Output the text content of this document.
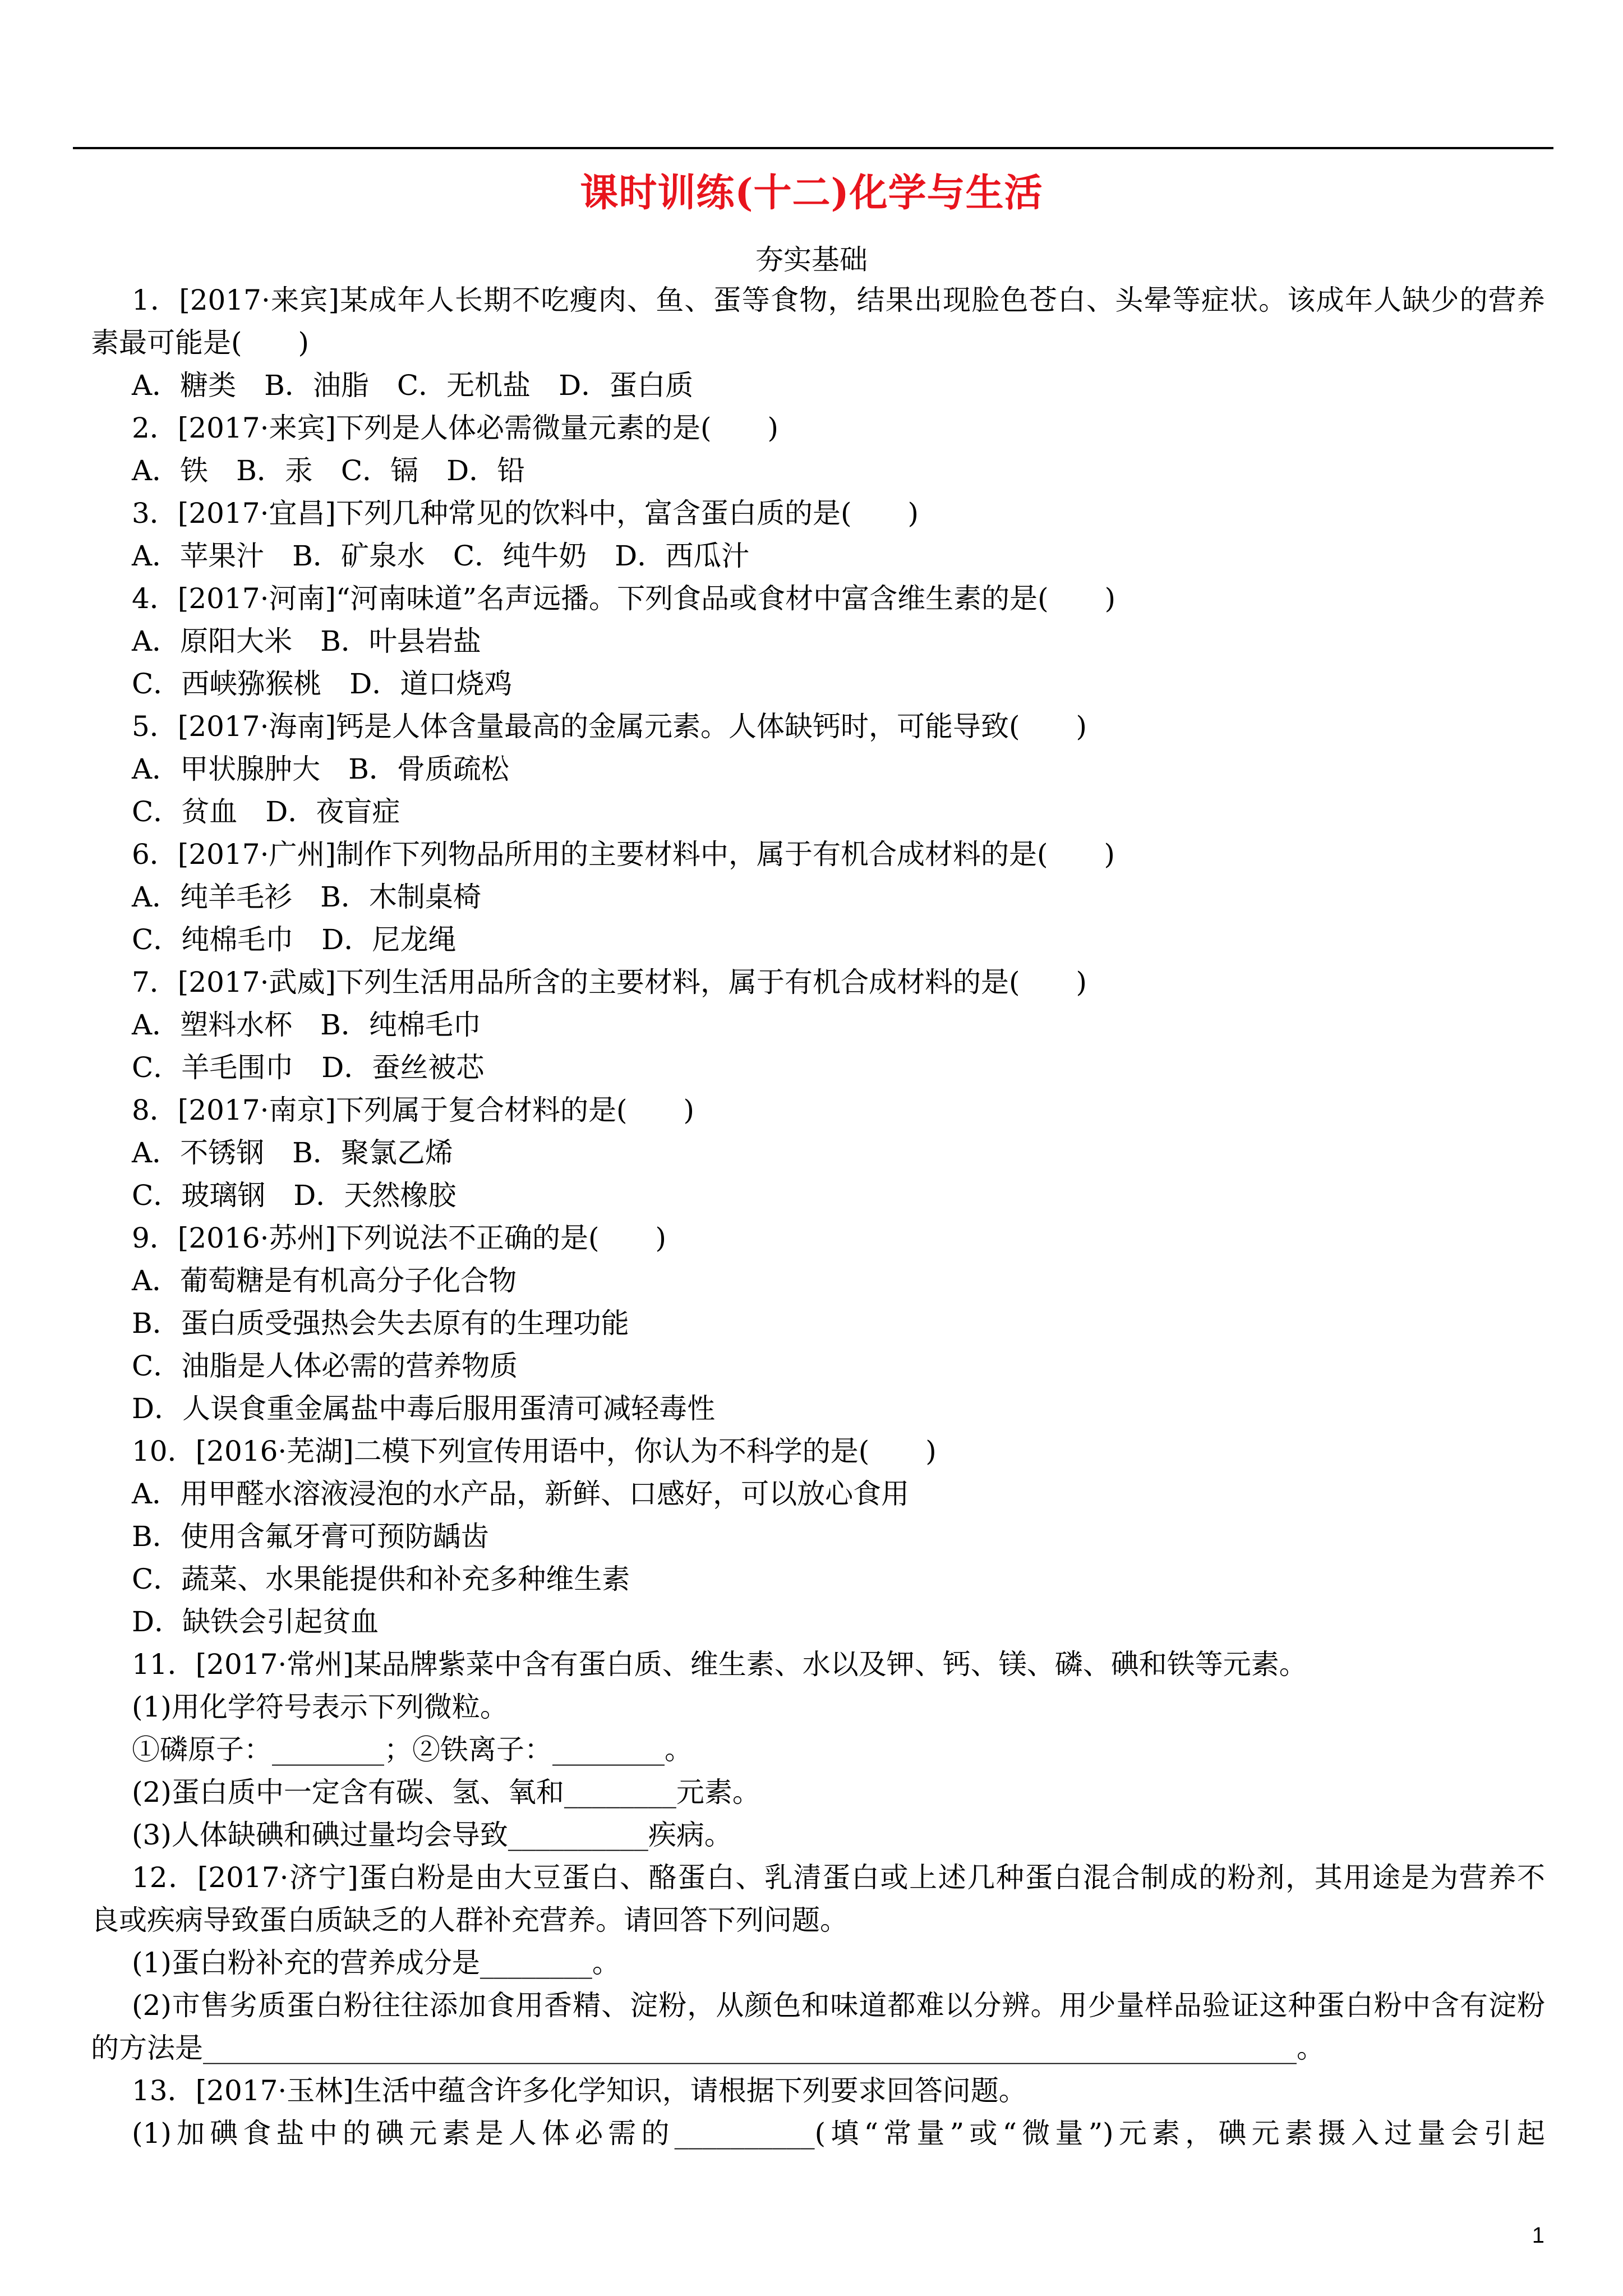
课时训练(十二)化学与生活
夯实基础
1．[2017·来宾]某成年人长期不吃瘦肉、鱼、蛋等食物，结果出现脸色苍白、头晕等症状。该成年人缺少的营养
素最可能是(　　)
A．糖类　B．油脂　C．无机盐　D．蛋白质
2．[2017·来宾]下列是人体必需微量元素的是(　　)
A．铁　B．汞　C．镉　D．铅
3．[2017·宜昌]下列几种常见的饮料中，富含蛋白质的是(　　)
A．苹果汁　B．矿泉水　C．纯牛奶　D．西瓜汁
4．[2017·河南]“河南味道”名声远播。下列食品或食材中富含维生素的是(　　)
A．原阳大米　B．叶县岩盐
C．西峡猕猴桃　D．道口烧鸡
5．[2017·海南]钙是人体含量最高的金属元素。人体缺钙时，可能导致(　　)
A．甲状腺肿大　B．骨质疏松
C．贫血　D．夜盲症
6．[2017·广州]制作下列物品所用的主要材料中，属于有机合成材料的是(　　)
A．纯羊毛衫　B．木制桌椅
C．纯棉毛巾　D．尼龙绳
7．[2017·武威]下列生活用品所含的主要材料，属于有机合成材料的是(　　)
A．塑料水杯　B．纯棉毛巾
C．羊毛围巾　D．蚕丝被芯
8．[2017·南京]下列属于复合材料的是(　　)
A．不锈钢　B．聚氯乙烯
C．玻璃钢　D．天然橡胶
9．[2016·苏州]下列说法不正确的是(　　)
A．葡萄糖是有机高分子化合物
B．蛋白质受强热会失去原有的生理功能
C．油脂是人体必需的营养物质
D．人误食重金属盐中毒后服用蛋清可减轻毒性
10．[2016·芜湖]二模下列宣传用语中，你认为不科学的是(　　)
A．用甲醛水溶液浸泡的水产品，新鲜、口感好，可以放心食用
B．使用含氟牙膏可预防龋齿
C．蔬菜、水果能提供和补充多种维生素
D．缺铁会引起贫血
11．[2017·常州]某品牌紫菜中含有蛋白质、维生素、水以及钾、钙、镁、磷、碘和铁等元素。
(1)用化学符号表示下列微粒。
①磷原子：________；②铁离子：________。
(2)蛋白质中一定含有碳、氢、氧和________元素。
(3)人体缺碘和碘过量均会导致__________疾病。
12．[2017·济宁]蛋白粉是由大豆蛋白、酪蛋白、乳清蛋白或上述几种蛋白混合制成的粉剂，其用途是为营养不
良或疾病导致蛋白质缺乏的人群补充营养。请回答下列问题。
(1)蛋白粉补充的营养成分是________。
(2)市售劣质蛋白粉往往添加食用香精、淀粉，从颜色和味道都难以分辨。用少量样品验证这种蛋白粉中含有淀粉
的方法是______________________________________________________________________________。
13．[2017·玉林]生活中蕴含许多化学知识，请根据下列要求回答问题。
(1)加碘食盐中的碘元素是人体必需的__________(填“常量”或“微量”)元素，碘元素摄入过量会引起
1
